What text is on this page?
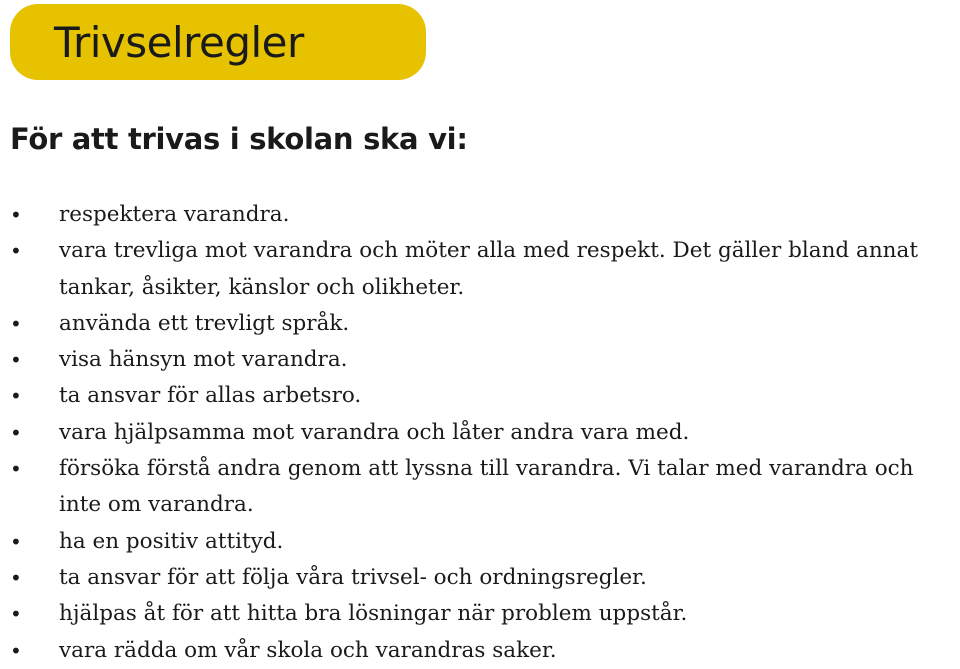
Trivselregler
För att trivas i skolan ska vi:
•	respektera varandra.
•	vara trevliga mot varandra och möter alla med respekt. Det gäller bland annat tankar, åsikter, känslor och olikheter.
•	använda ett trevligt språk.
•	visa hänsyn mot varandra.
•	ta ansvar för allas arbetsro.
•	vara hjälpsamma mot varandra och låter andra vara med.
•	försöka förstå andra genom att lyssna till varandra. Vi talar med varandra och inte om varandra.
•	ha en positiv attityd.
•	ta ansvar för att följa våra trivsel- och ordningsregler.
•	hjälpas åt för att hitta bra lösningar när problem uppstår.
•	vara rädda om vår skola och varandras saker.
